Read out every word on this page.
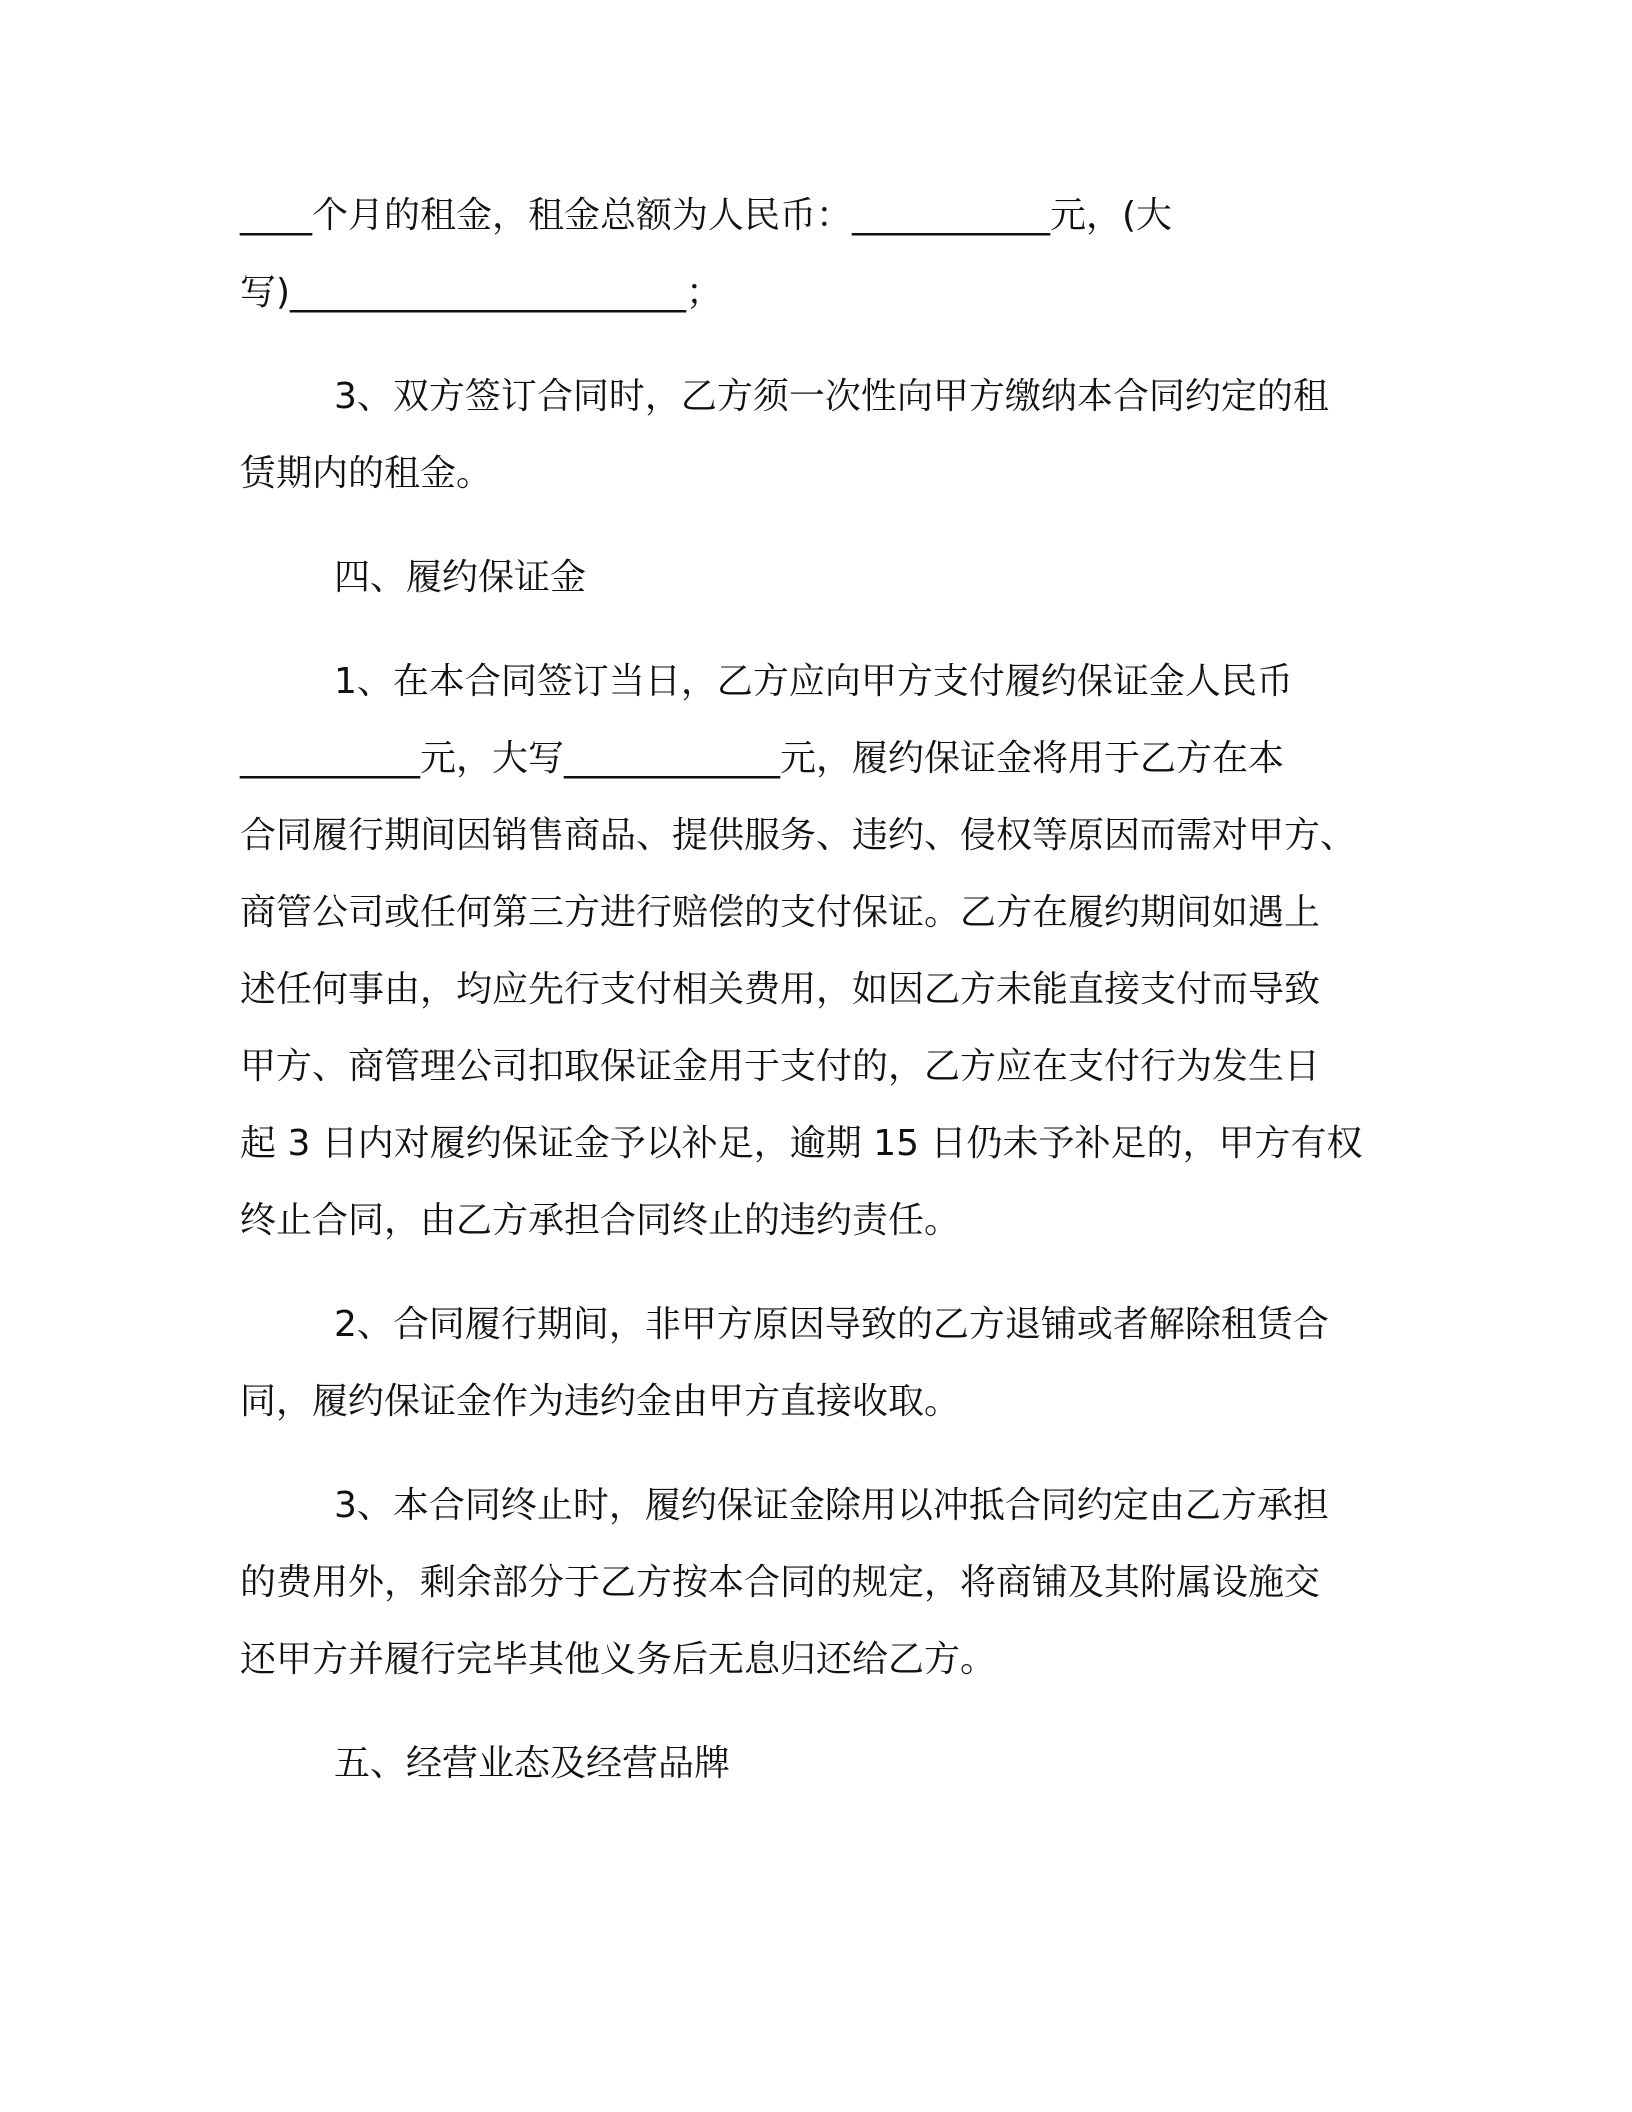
____个月的租金，租金总额为人民币：___________元，(大

写)______________________；

3、双方签订合同时，乙方须一次性向甲方缴纳本合同约定的租

赁期内的租金。

四、履约保证金

1、在本合同签订当日，乙方应向甲方支付履约保证金人民币

__________元，大写____________元，履约保证金将用于乙方在本

合同履行期间因销售商品、提供服务、违约、侵权等原因而需对甲方、

商管公司或任何第三方进行赔偿的支付保证。乙方在履约期间如遇上

述任何事由，均应先行支付相关费用，如因乙方未能直接支付而导致

甲方、商管理公司扣取保证金用于支付的，乙方应在支付行为发生日

起 3 日内对履约保证金予以补足，逾期 15 日仍未予补足的，甲方有权

终止合同，由乙方承担合同终止的违约责任。

2、合同履行期间，非甲方原因导致的乙方退铺或者解除租赁合

同，履约保证金作为违约金由甲方直接收取。

3、本合同终止时，履约保证金除用以冲抵合同约定由乙方承担

的费用外，剩余部分于乙方按本合同的规定，将商铺及其附属设施交

还甲方并履行完毕其他义务后无息归还给乙方。

五、经营业态及经营品牌
